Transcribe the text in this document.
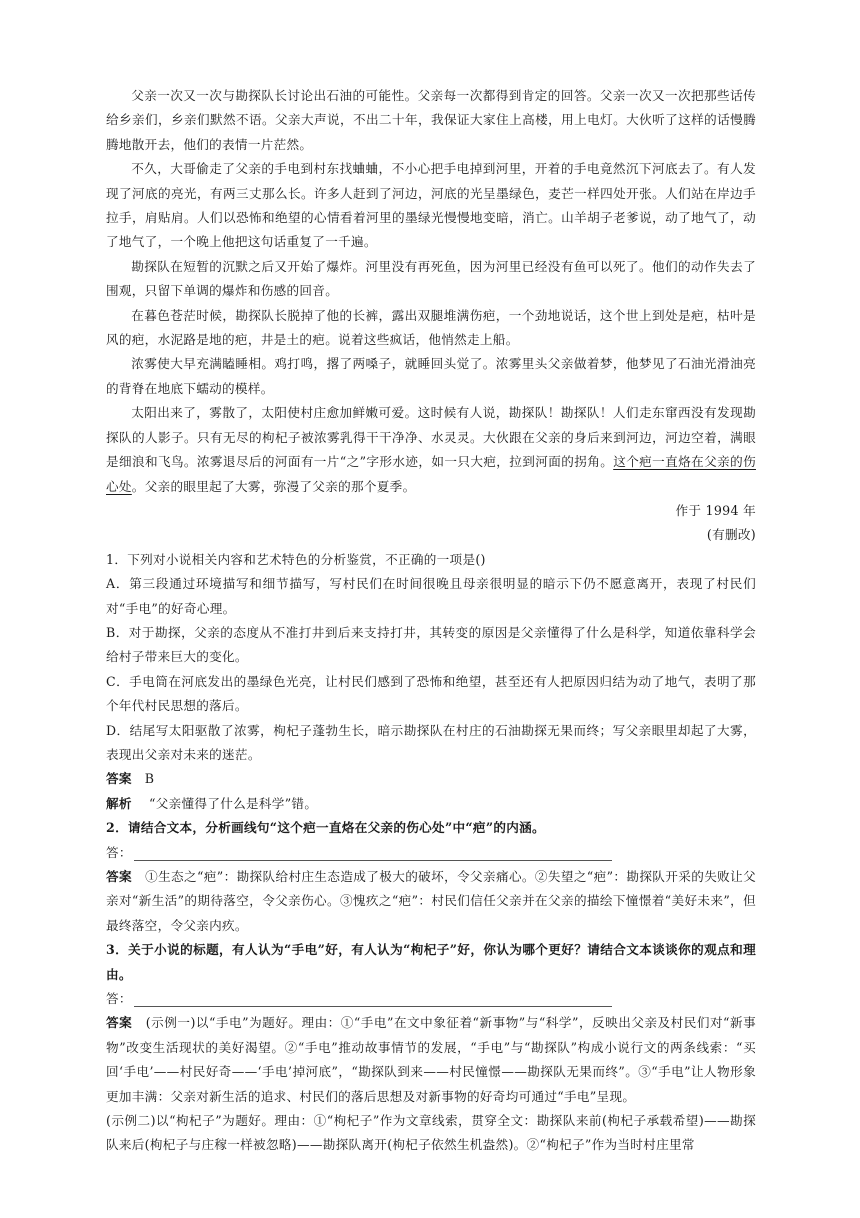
父亲一次又一次与勘探队长讨论出石油的可能性。父亲每一次都得到肯定的回答。父亲一次又一次把那些话传给乡亲们，乡亲们默然不语。父亲大声说，不出二十年，我保证大家住上高楼，用上电灯。大伙听了这样的话慢腾腾地散开去，他们的表情一片茫然。

不久，大哥偷走了父亲的手电到村东找蛐蛐，不小心把手电掉到河里，开着的手电竟然沉下河底去了。有人发现了河底的亮光，有两三丈那么长。许多人赶到了河边，河底的光呈墨绿色，麦芒一样四处开张。人们站在岸边手拉手，肩贴肩。人们以恐怖和绝望的心情看着河里的墨绿光慢慢地变暗，消亡。山羊胡子老爹说，动了地气了，动了地气了，一个晚上他把这句话重复了一千遍。

勘探队在短暂的沉默之后又开始了爆炸。河里没有再死鱼，因为河里已经没有鱼可以死了。他们的动作失去了围观，只留下单调的爆炸和伤感的回音。

在暮色苍茫时候，勘探队长脱掉了他的长裤，露出双腿堆满伤疤，一个劲地说话，这个世上到处是疤，枯叶是风的疤，水泥路是地的疤，井是土的疤。说着这些疯话，他悄然走上船。

浓雾使大早充满瞌睡相。鸡打鸣，撂了两嗓子，就睡回头觉了。浓雾里头父亲做着梦，他梦见了石油光滑油亮的背脊在地底下蠕动的模样。

太阳出来了，雾散了，太阳使村庄愈加鲜嫩可爱。这时候有人说，勘探队！勘探队！人们走东窜西没有发现勘探队的人影子。只有无尽的枸杞子被浓雾乳得干干净净、水灵灵。大伙跟在父亲的身后来到河边，河边空着，满眼是细浪和飞鸟。浓雾退尽后的河面有一片“之”字形水迹，如一只大疤，拉到河面的拐角。这个疤一直烙在父亲的伤心处。父亲的眼里起了大雾，弥漫了父亲的那个夏季。

作于 1994 年

(有删改)

1．下列对小说相关内容和艺术特色的分析鉴赏，不正确的一项是()

A．第三段通过环境描写和细节描写，写村民们在时间很晚且母亲很明显的暗示下仍不愿意离开，表现了村民们对“手电”的好奇心理。

B．对于勘探，父亲的态度从不准打井到后来支持打井，其转变的原因是父亲懂得了什么是科学，知道依靠科学会给村子带来巨大的变化。

C．手电筒在河底发出的墨绿色光亮，让村民们感到了恐怖和绝望，甚至还有人把原因归结为动了地气，表明了那个年代村民思想的落后。

D．结尾写太阳驱散了浓雾，枸杞子蓬勃生长，暗示勘探队在村庄的石油勘探无果而终；写父亲眼里却起了大雾，表现出父亲对未来的迷茫。

答案 B

解析 “父亲懂得了什么是科学”错。

2．请结合文本，分析画线句“这个疤一直烙在父亲的伤心处”中“疤”的内涵。

答：

答案 ①生态之“疤”：勘探队给村庄生态造成了极大的破坏，令父亲痛心。②失望之“疤”：勘探队开采的失败让父亲对“新生活”的期待落空，令父亲伤心。③愧疚之“疤”：村民们信任父亲并在父亲的描绘下憧憬着“美好未来”，但最终落空，令父亲内疚。

3．关于小说的标题，有人认为“手电”好，有人认为“枸杞子”好，你认为哪个更好？请结合文本谈谈你的观点和理由。

答：

答案 (示例一)以“手电”为题好。理由：①“手电”在文中象征着“新事物”与“科学”，反映出父亲及村民们对“新事物”改变生活现状的美好渴望。②“手电”推动故事情节的发展，“手电”与“勘探队”构成小说行文的两条线索：“买回‘手电’——村民好奇——‘手电’掉河底”，“勘探队到来——村民憧憬——勘探队无果而终”。③“手电”让人物形象更加丰满：父亲对新生活的追求、村民们的落后思想及对新事物的好奇均可通过“手电”呈现。

(示例二)以“枸杞子”为题好。理由：①“枸杞子”作为文章线索，贯穿全文：勘探队来前(枸杞子承载希望)——勘探队来后(枸杞子与庄稼一样被忽略)——勘探队离开(枸杞子依然生机盎然)。②“枸杞子”作为当时村庄里常
